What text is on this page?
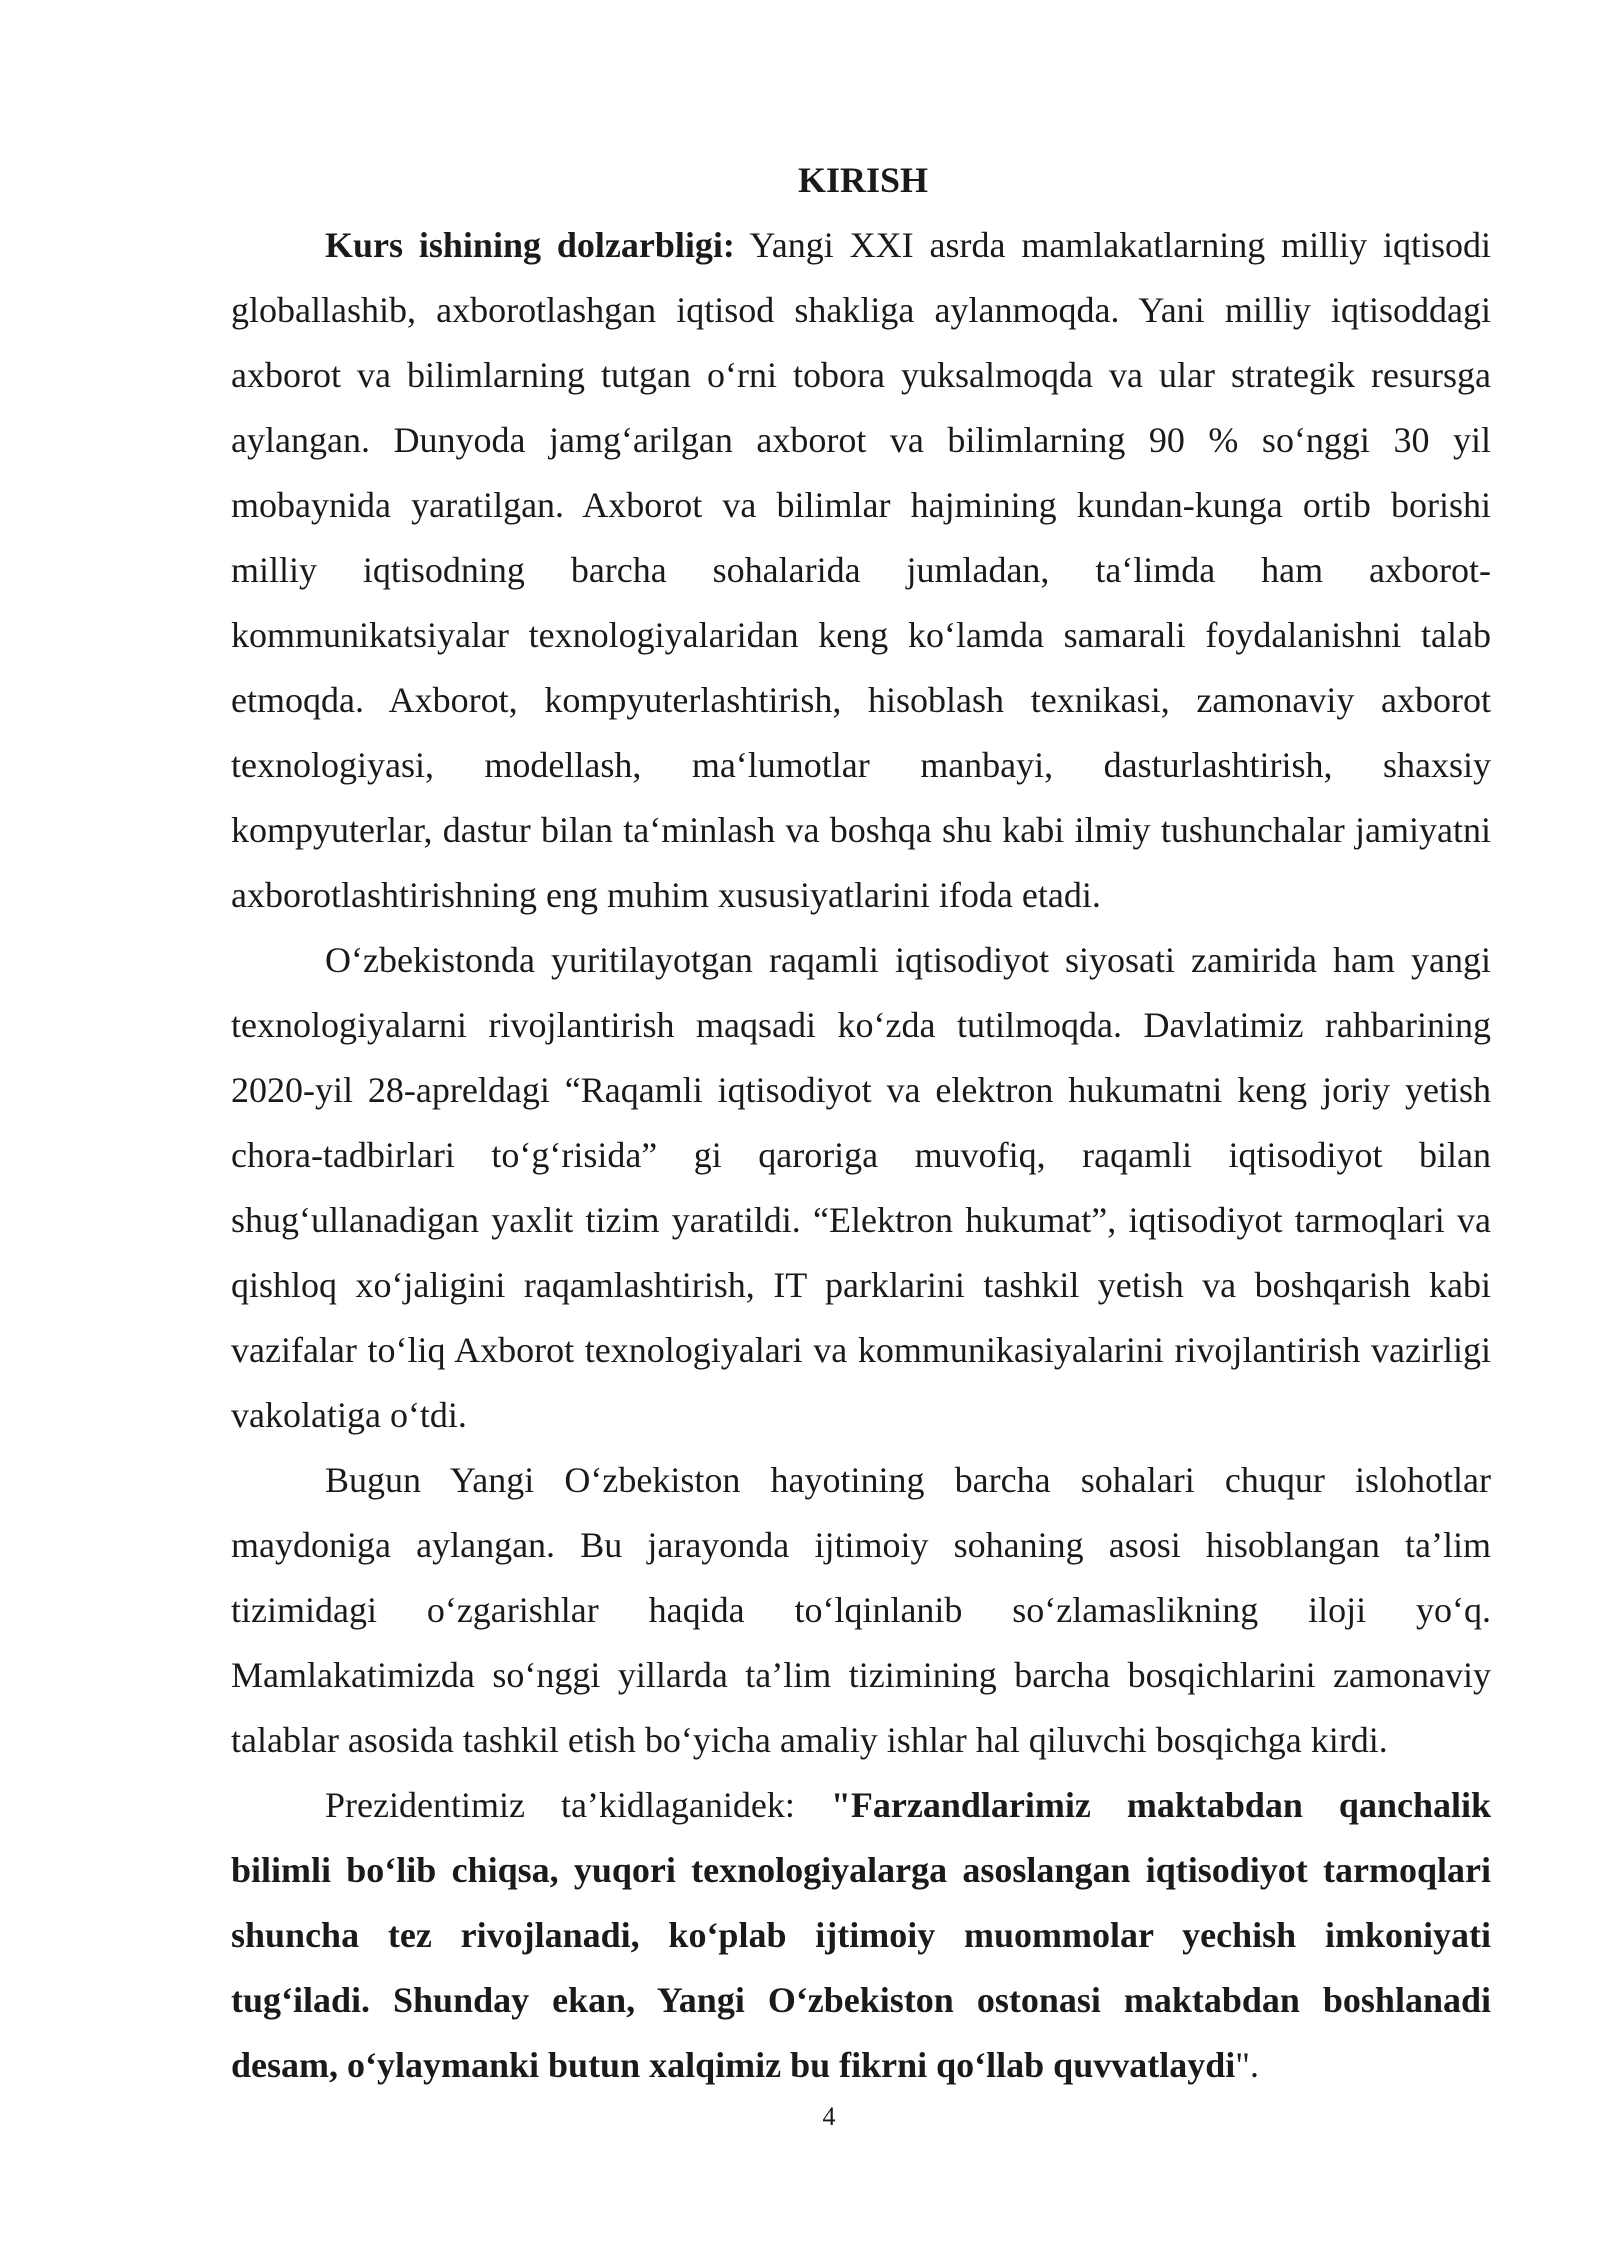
KIRISH

Kurs ishining dolzarbligi: Yangi XXI asrda mamlakatlarning milliy iqtisodi globallashib, axborotlashgan iqtisod shakliga aylanmoqda. Yani milliy iqtisoddagi axborot va bilimlarning tutgan o‘rni tobora yuksalmoqda va ular strategik resursga aylangan. Dunyoda jamg‘arilgan axborot va bilimlarning 90 % so‘nggi 30 yil mobaynida yaratilgan. Axborot va bilimlar hajmining kundan-kunga ortib borishi milliy iqtisodning barcha sohalarida jumladan, ta‘limda ham axborot-kommunikatsiyalar texnologiyalaridan keng ko‘lamda samarali foydalanishni talab etmoqda. Axborot, kompyuterlashtirish, hisoblash texnikasi, zamonaviy axborot texnologiyasi, modellash, ma‘lumotlar manbayi, dasturlashtirish, shaxsiy kompyuterlar, dastur bilan ta‘minlash va boshqa shu kabi ilmiy tushunchalar jamiyatni axborotlashtirishning eng muhim xususiyatlarini ifoda etadi.

O‘zbekistonda yuritilayotgan raqamli iqtisodiyot siyosati zamirida ham yangi texnologiyalarni rivojlantirish maqsadi ko‘zda tutilmoqda. Davlatimiz rahbarining 2020-yil 28-apreldagi “Raqamli iqtisodiyot va elektron hukumatni keng joriy yetish chora-tadbirlari to‘g‘risida” gi qaroriga muvofiq, raqamli iqtisodiyot bilan shug‘ullanadigan yaxlit tizim yaratildi. “Elektron hukumat”, iqtisodiyot tarmoqlari va qishloq xo‘jaligini raqamlashtirish, IT parklarini tashkil yetish va boshqarish kabi vazifalar to‘liq Axborot texnologiyalari va kommunikasiyalarini rivojlantirish vazirligi vakolatiga o‘tdi.

Bugun Yangi O‘zbekiston hayotining barcha sohalari chuqur islohotlar maydoniga aylangan. Bu jarayonda ijtimoiy sohaning asosi hisoblangan ta’lim tizimidagi o‘zgarishlar haqida to‘lqinlanib so‘zlamaslikning iloji yo‘q. Mamlakatimizda so‘nggi yillarda ta’lim tizimining barcha bosqichlarini zamonaviy talablar asosida tashkil etish bo‘yicha amaliy ishlar hal qiluvchi bosqichga kirdi.

Prezidentimiz ta’kidlaganidek: "Farzandlarimiz maktabdan qanchalik bilimli bo‘lib chiqsa, yuqori texnologiyalarga asoslangan iqtisodiyot tarmoqlari shuncha tez rivojlanadi, ko‘plab ijtimoiy muommolar yechish imkoniyati tug‘iladi. Shunday ekan, Yangi O‘zbekiston ostonasi maktabdan boshlanadi desam, o‘ylaymanki butun xalqimiz bu fikrni qo‘llab quvvatlaydi".

4
